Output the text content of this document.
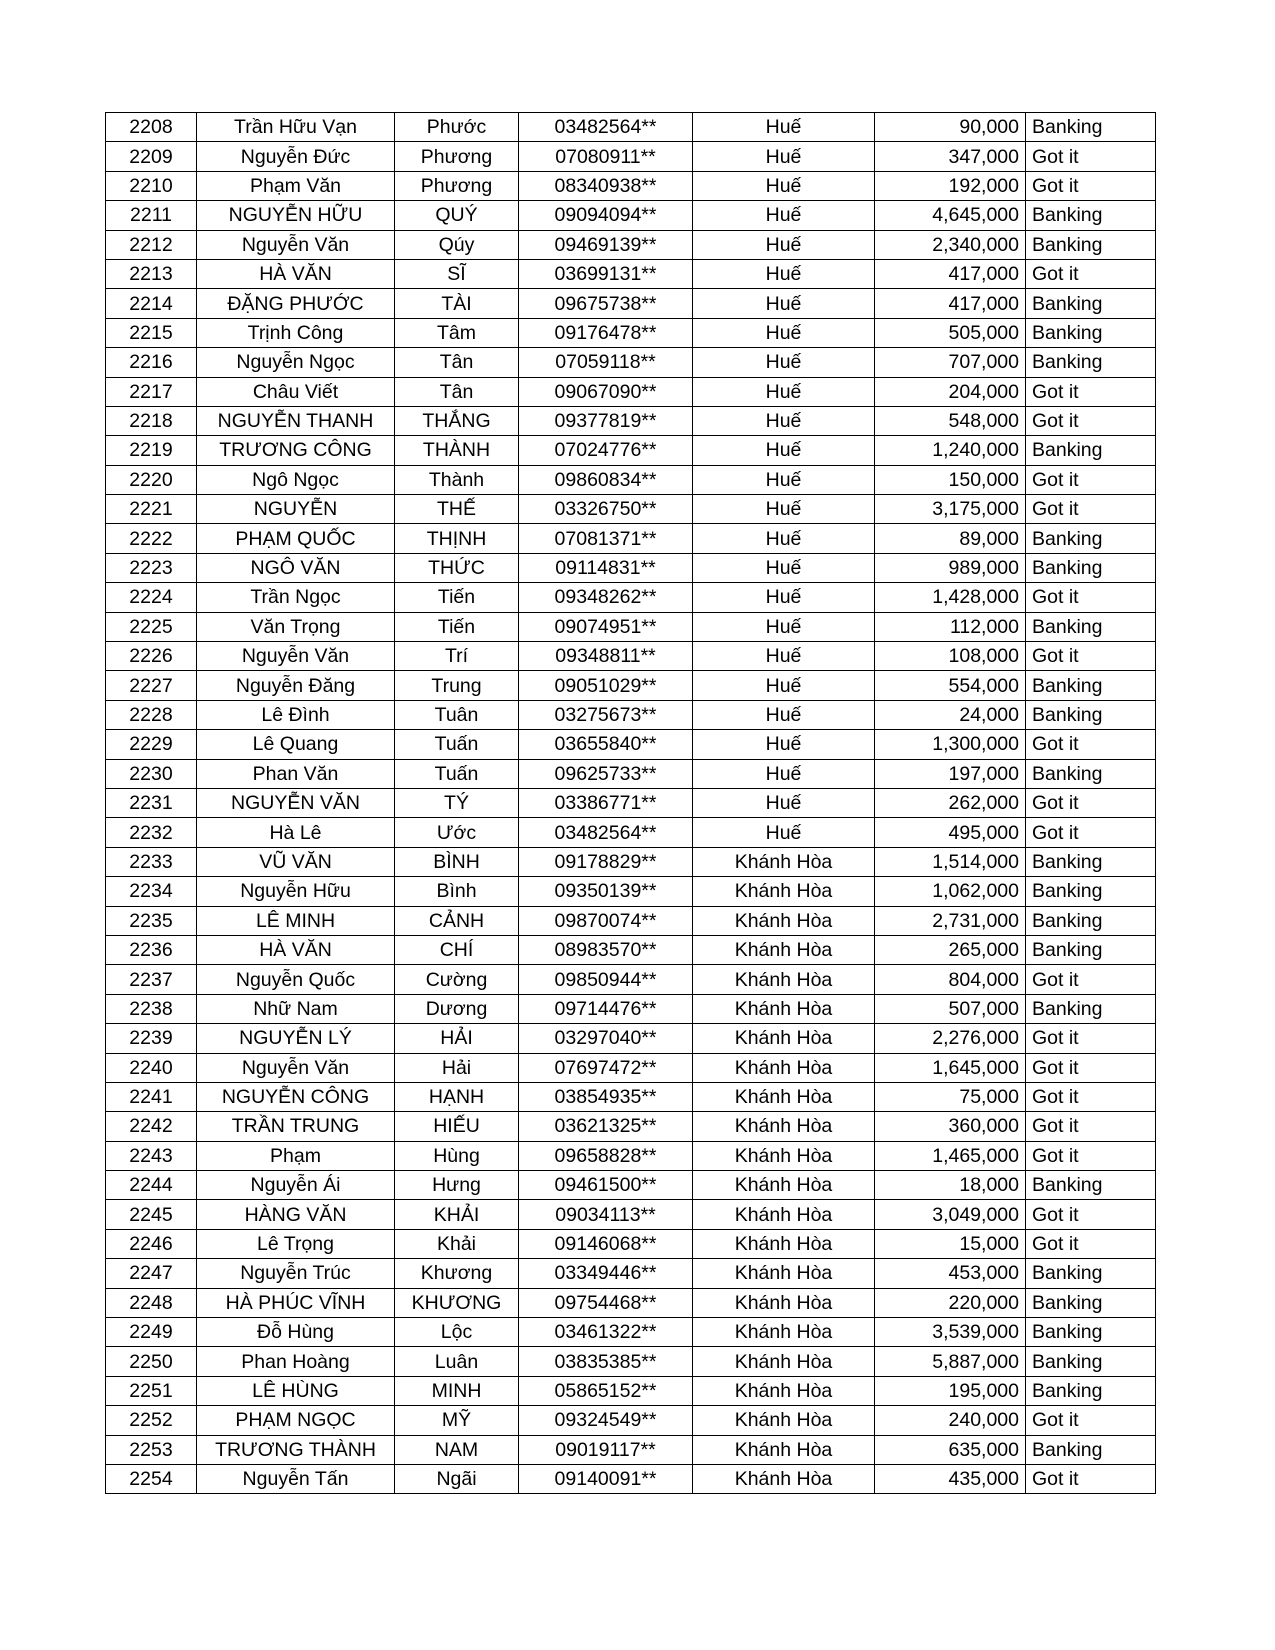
2208	Trần Hữu Vạn	Phước	03482564**	Huế	90,000	Banking
2209	Nguyễn Đức	Phương	07080911**	Huế	347,000	Got it
2210	Phạm Văn	Phương	08340938**	Huế	192,000	Got it
2211	NGUYỄN HỮU	QUÝ	09094094**	Huế	4,645,000	Banking
2212	Nguyễn Văn	Qúy	09469139**	Huế	2,340,000	Banking
2213	HÀ VĂN	SĨ	03699131**	Huế	417,000	Got it
2214	ĐẶNG PHƯỚC	TÀI	09675738**	Huế	417,000	Banking
2215	Trịnh Công	Tâm	09176478**	Huế	505,000	Banking
2216	Nguyễn Ngọc	Tân	07059118**	Huế	707,000	Banking
2217	Châu Viết	Tân	09067090**	Huế	204,000	Got it
2218	NGUYỄN THANH	THẮNG	09377819**	Huế	548,000	Got it
2219	TRƯƠNG CÔNG	THÀNH	07024776**	Huế	1,240,000	Banking
2220	Ngô Ngọc	Thành	09860834**	Huế	150,000	Got it
2221	NGUYỄN	THẾ	03326750**	Huế	3,175,000	Got it
2222	PHẠM QUỐC	THỊNH	07081371**	Huế	89,000	Banking
2223	NGÔ VĂN	THỨC	09114831**	Huế	989,000	Banking
2224	Trần Ngọc	Tiến	09348262**	Huế	1,428,000	Got it
2225	Văn Trọng	Tiến	09074951**	Huế	112,000	Banking
2226	Nguyễn Văn	Trí	09348811**	Huế	108,000	Got it
2227	Nguyễn Đăng	Trung	09051029**	Huế	554,000	Banking
2228	Lê Đình	Tuân	03275673**	Huế	24,000	Banking
2229	Lê Quang	Tuấn	03655840**	Huế	1,300,000	Got it
2230	Phan Văn	Tuấn	09625733**	Huế	197,000	Banking
2231	NGUYỄN VĂN	TÝ	03386771**	Huế	262,000	Got it
2232	Hà Lê	Ước	03482564**	Huế	495,000	Got it
2233	VŨ VĂN	BÌNH	09178829**	Khánh Hòa	1,514,000	Banking
2234	Nguyễn Hữu	Bình	09350139**	Khánh Hòa	1,062,000	Banking
2235	LÊ MINH	CẢNH	09870074**	Khánh Hòa	2,731,000	Banking
2236	HÀ VĂN	CHÍ	08983570**	Khánh Hòa	265,000	Banking
2237	Nguyễn Quốc	Cường	09850944**	Khánh Hòa	804,000	Got it
2238	Nhữ Nam	Dương	09714476**	Khánh Hòa	507,000	Banking
2239	NGUYỄN LÝ	HẢI	03297040**	Khánh Hòa	2,276,000	Got it
2240	Nguyễn Văn	Hải	07697472**	Khánh Hòa	1,645,000	Got it
2241	NGUYỄN CÔNG	HẠNH	03854935**	Khánh Hòa	75,000	Got it
2242	TRẦN TRUNG	HIẾU	03621325**	Khánh Hòa	360,000	Got it
2243	Phạm	Hùng	09658828**	Khánh Hòa	1,465,000	Got it
2244	Nguyễn Ái	Hưng	09461500**	Khánh Hòa	18,000	Banking
2245	HÀNG VĂN	KHẢI	09034113**	Khánh Hòa	3,049,000	Got it
2246	Lê Trọng	Khải	09146068**	Khánh Hòa	15,000	Got it
2247	Nguyễn Trúc	Khương	03349446**	Khánh Hòa	453,000	Banking
2248	HÀ PHÚC VĨNH	KHƯƠNG	09754468**	Khánh Hòa	220,000	Banking
2249	Đỗ Hùng	Lộc	03461322**	Khánh Hòa	3,539,000	Banking
2250	Phan Hoàng	Luân	03835385**	Khánh Hòa	5,887,000	Banking
2251	LÊ HÙNG	MINH	05865152**	Khánh Hòa	195,000	Banking
2252	PHẠM NGỌC	MỸ	09324549**	Khánh Hòa	240,000	Got it
2253	TRƯƠNG THÀNH	NAM	09019117**	Khánh Hòa	635,000	Banking
2254	Nguyễn Tấn	Ngãi	09140091**	Khánh Hòa	435,000	Got it
